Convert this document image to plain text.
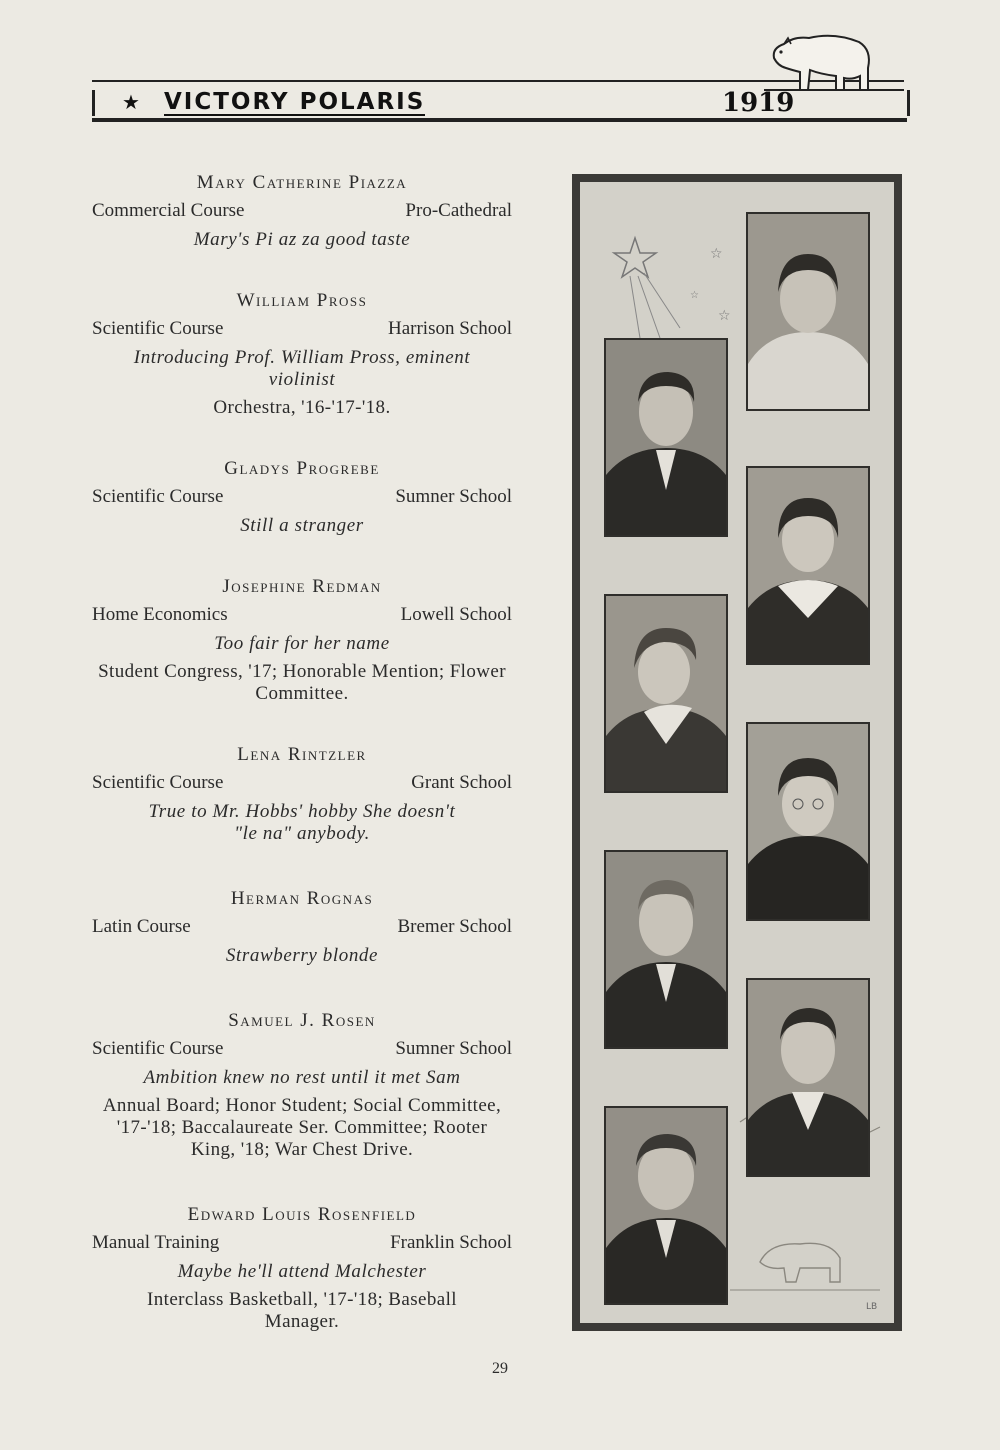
★ VICTORY POLARIS	1919
Mary Catherine Piazza
Commercial Course	Pro-Cathedral
Mary's Pi az za good taste
William Pross
Scientific Course	Harrison School
Introducing Prof. William Pross, eminent violinist
Orchestra, '16-'17-'18.
Gladys Progrebe
Scientific Course	Sumner School
Still a stranger
Josephine Redman
Home Economics	Lowell School
Too fair for her name
Student Congress, '17; Honorable Mention; Flower Committee.
Lena Rintzler
Scientific Course	Grant School
True to Mr. Hobbs' hobby She doesn't "le na" anybody.
Herman Rognas
Latin Course	Bremer School
Strawberry blonde
Samuel J. Rosen
Scientific Course	Sumner School
Ambition knew no rest until it met Sam
Annual Board; Honor Student; Social Committee, '17-'18; Baccalaureate Ser. Committee; Rooter King, '18; War Chest Drive.
Edward Louis Rosenfield
Manual Training	Franklin School
Maybe he'll attend Malchester
Interclass Basketball, '17-'18; Baseball Manager.
29
☆
☆
☆
LB
